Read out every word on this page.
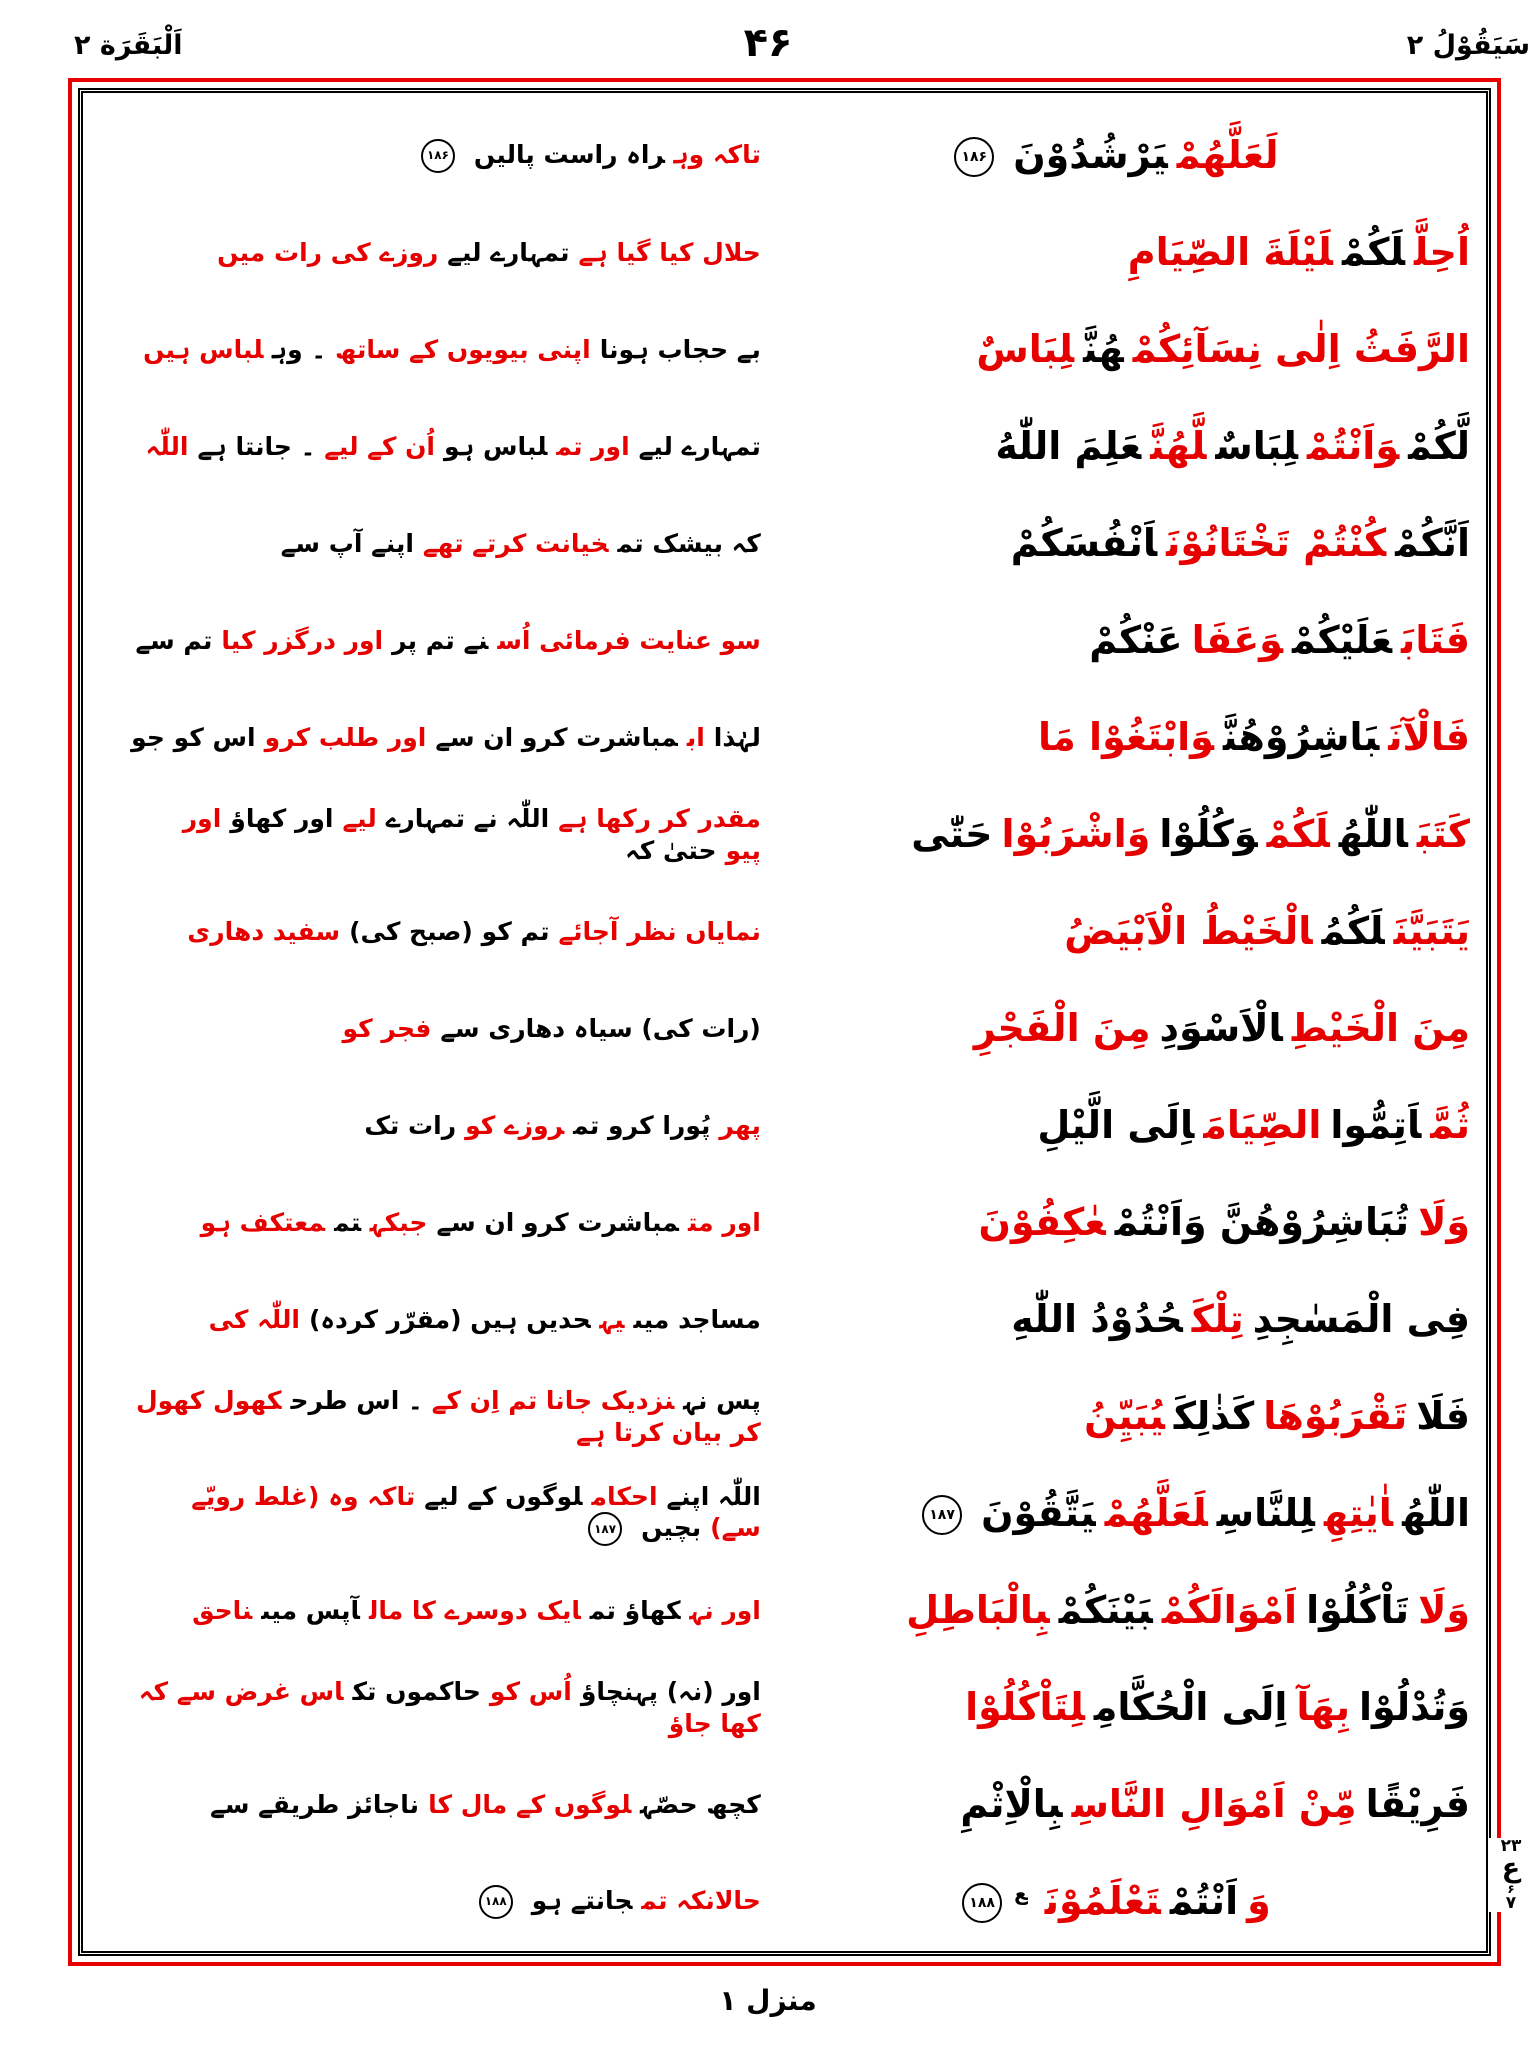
اَلْبَقَرَة ۲	۴۶	سَيَقُوْلُ ۲
تاکہ وہراہ راست پالیں۱۸۶	لَعَلَّهُمْيَرْشُدُوْنَ۱۸۶
حلال کیا گیا ہےتمہارے لیےروزے کی رات میں	اُحِلَّلَكُمْلَيْلَةَ الصِّيَامِ
بے حجاب ہونااپنی بیویوں کے ساتھ۔ وہلباس ہیں	الرَّفَثُ اِلٰى نِسَآئِكُمْهُنَّلِبَاسٌ
تمہارے لیےاور تملباس ہواُن کے لیے۔ جانتا ہےاللّٰہ	لَّكُمْوَاَنْتُمْلِبَاسٌلَّهُنَّعَلِمَ اللّٰهُ
کہ بیشک تمخیانت کرتے تھےاپنے آپ سے	اَنَّكُمْكُنْتُمْ تَخْتَانُوْنَاَنْفُسَكُمْ
سو عنایت فرمائی اُسنے تم پراور درگزر کیاتم سے	فَتَابَعَلَيْكُمْوَعَفَاعَنْكُمْ
لہٰذاابمباشرت کرو ان سےاور طلب کرواس کو جو	فَالْآنَبَاشِرُوْهُنَّوَابْتَغُوْا مَا
مقدر کر رکھا ہےاللّٰہ نے تمہارےلیےاور کھاؤاور پیوحتیٰ کہ	كَتَبَاللّٰهُلَكُمْوَكُلُوْاوَاشْرَبُوْاحَتّٰى
نمایاں نظر آجائےتم کو (صبح کی)سفید دھاری	يَتَبَيَّنَلَكُمُالْخَيْطُ الْاَبْيَضُ
(رات کی) سیاہ دھاری سےفجر کو	مِنَ الْخَيْطِالْاَسْوَدِمِنَ الْفَجْرِ
پھرپُورا کرو تمروزے کورات تک	ثُمَّاَتِمُّواالصِّيَامَاِلَى الَّيْلِ
اور متمباشرت کرو ان سےجبکہتممعتکف ہو	وَلَاتُبَاشِرُوْهُنَّ وَاَنْتُمْعٰكِفُوْنَ
مساجد میںیہحدیں ہیں (مقرّر کردہ)اللّٰہ کی	فِى الْمَسٰجِدِتِلْكَحُدُوْدُ اللّٰهِ
پس نہنزدیک جانا تم اِن کے۔ اس طرحکھول کھول کر بیان کرتا ہے	فَلَاتَقْرَبُوْهَاكَذٰلِكَيُبَيِّنُ
اللّٰہ اپنےاحکاملوگوں کے لیےتاکہ وہ(غلط رویّے سے)بچیں۱۸۷	اللّٰهُاٰيٰتِهِلِلنَّاسِلَعَلَّهُمْيَتَّقُوْنَ۱۸۷
اور نہکھاؤ تمایک دوسرے کا مالآپس میںناحق	وَلَاتَاْكُلُوْااَمْوَالَكُمْبَيْنَكُمْبِالْبَاطِلِ
اور (نہ) پہنچاؤاُس کوحاکموں تکاس غرض سے کہ کھا جاؤ	وَتُدْلُوْابِهَآاِلَى الْحُكَّامِلِتَاْكُلُوْا
کچھ حصّہلوگوں کے مال کاناجائز طریقے سے	فَرِيْقًامِّنْ اَمْوَالِ النَّاسِبِالْاِثْمِ
حالانکہ تمجانتے ہو۱۸۸	وَاَنْتُمْتَعْلَمُوْنَ$^ع$۱۸۸
۲۳
ع
۶
۷
منزل ۱
